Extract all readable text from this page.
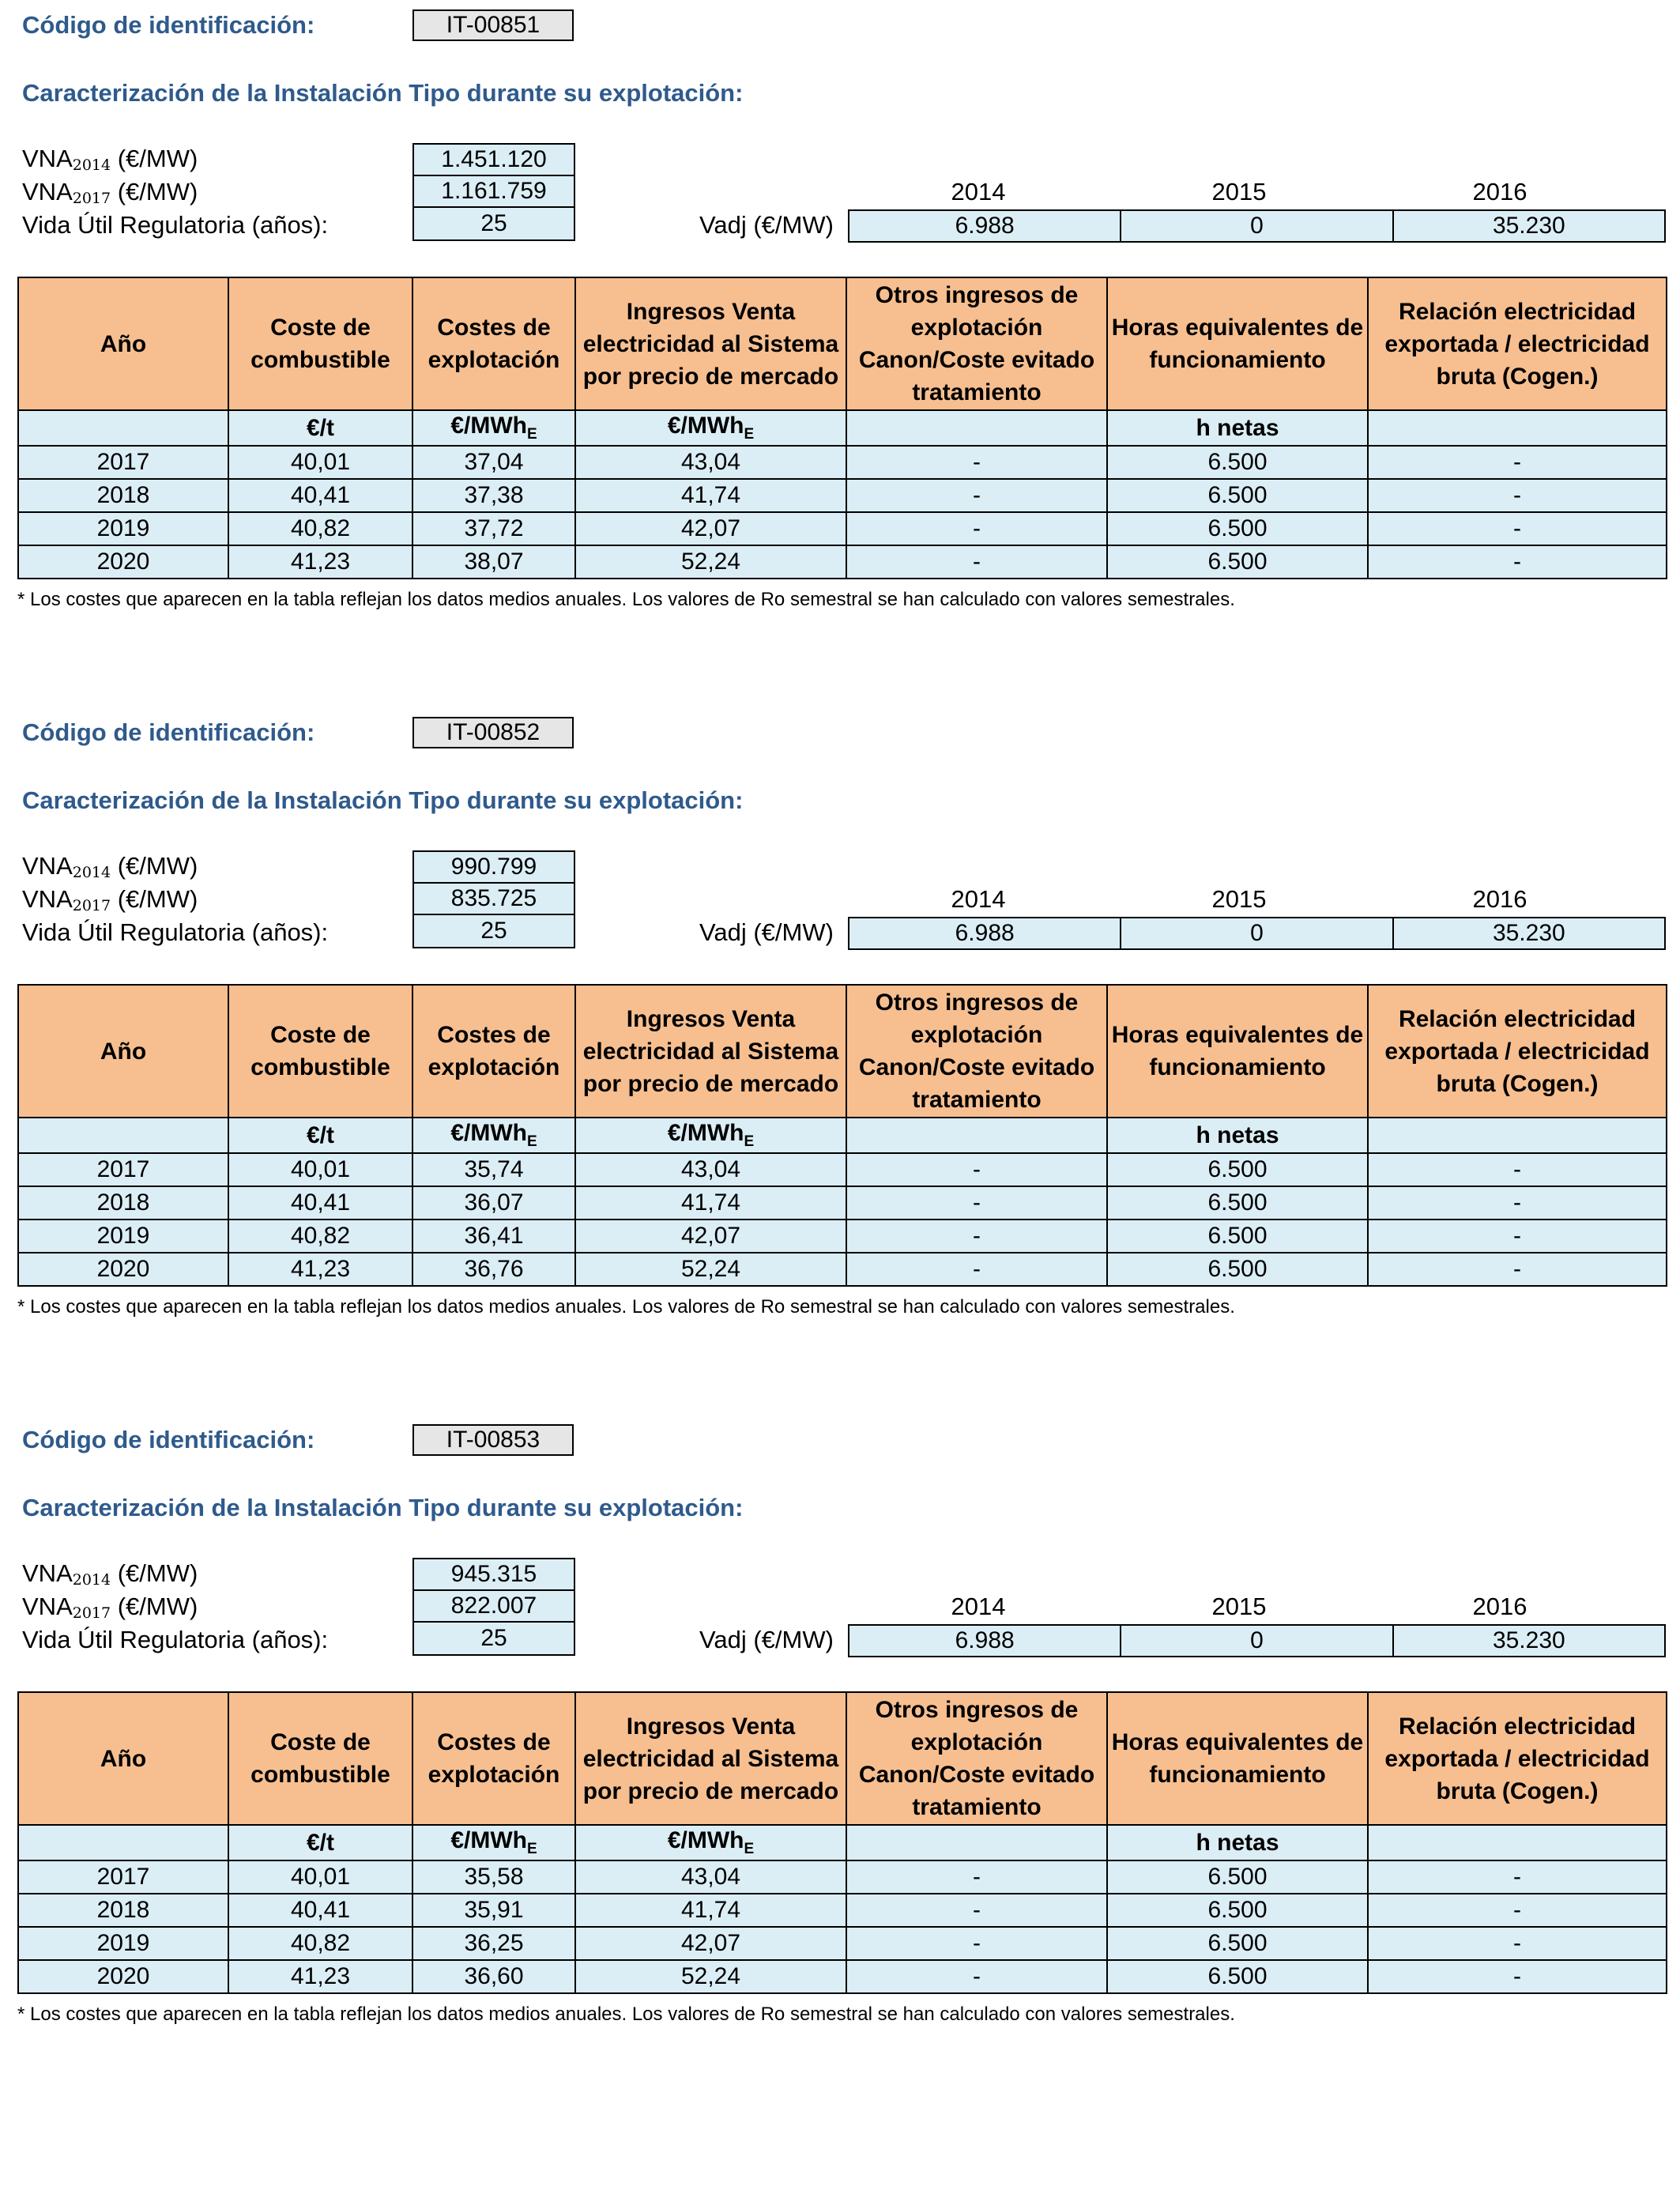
Código de identificación:	IT-00851
Caracterización de la Instalación Tipo durante su explotación:
$VNA_{2014}$ (€/MW)	1.451.120
$VNA_{2017}$ (€/MW)	1.161.759
Vida Útil Regulatoria (años):	25
2014	2015	2016
Vadj (€/MW)	6.988	0	35.230
Año	Coste de combustible	Costes de explotación	Ingresos Venta electricidad al Sistema por precio de mercado	Otros ingresos de explotación Canon/Coste evitado tratamiento	Horas equivalentes de funcionamiento	Relación electricidad exportada / electricidad bruta (Cogen.)
	€/t	€/MWh$_E$	€/MWh$_E$		h netas	
2017	40,01	37,04	43,04	-	6.500	-
2018	40,41	37,38	41,74	-	6.500	-
2019	40,82	37,72	42,07	-	6.500	-
2020	41,23	38,07	52,24	-	6.500	-
* Los costes que aparecen en la tabla reflejan los datos medios anuales. Los valores de Ro semestral se han calculado con valores semestrales.
Código de identificación:	IT-00852
Caracterización de la Instalación Tipo durante su explotación:
$VNA_{2014}$ (€/MW)	990.799
$VNA_{2017}$ (€/MW)	835.725
Vida Útil Regulatoria (años):	25
2014	2015	2016
Vadj (€/MW)	6.988	0	35.230
Año	Coste de combustible	Costes de explotación	Ingresos Venta electricidad al Sistema por precio de mercado	Otros ingresos de explotación Canon/Coste evitado tratamiento	Horas equivalentes de funcionamiento	Relación electricidad exportada / electricidad bruta (Cogen.)
	€/t	€/MWh$_E$	€/MWh$_E$		h netas	
2017	40,01	35,74	43,04	-	6.500	-
2018	40,41	36,07	41,74	-	6.500	-
2019	40,82	36,41	42,07	-	6.500	-
2020	41,23	36,76	52,24	-	6.500	-
* Los costes que aparecen en la tabla reflejan los datos medios anuales. Los valores de Ro semestral se han calculado con valores semestrales.
Código de identificación:	IT-00853
Caracterización de la Instalación Tipo durante su explotación:
$VNA_{2014}$ (€/MW)	945.315
$VNA_{2017}$ (€/MW)	822.007
Vida Útil Regulatoria (años):	25
2014	2015	2016
Vadj (€/MW)	6.988	0	35.230
Año	Coste de combustible	Costes de explotación	Ingresos Venta electricidad al Sistema por precio de mercado	Otros ingresos de explotación Canon/Coste evitado tratamiento	Horas equivalentes de funcionamiento	Relación electricidad exportada / electricidad bruta (Cogen.)
	€/t	€/MWh$_E$	€/MWh$_E$		h netas	
2017	40,01	35,58	43,04	-	6.500	-
2018	40,41	35,91	41,74	-	6.500	-
2019	40,82	36,25	42,07	-	6.500	-
2020	41,23	36,60	52,24	-	6.500	-
* Los costes que aparecen en la tabla reflejan los datos medios anuales. Los valores de Ro semestral se han calculado con valores semestrales.
